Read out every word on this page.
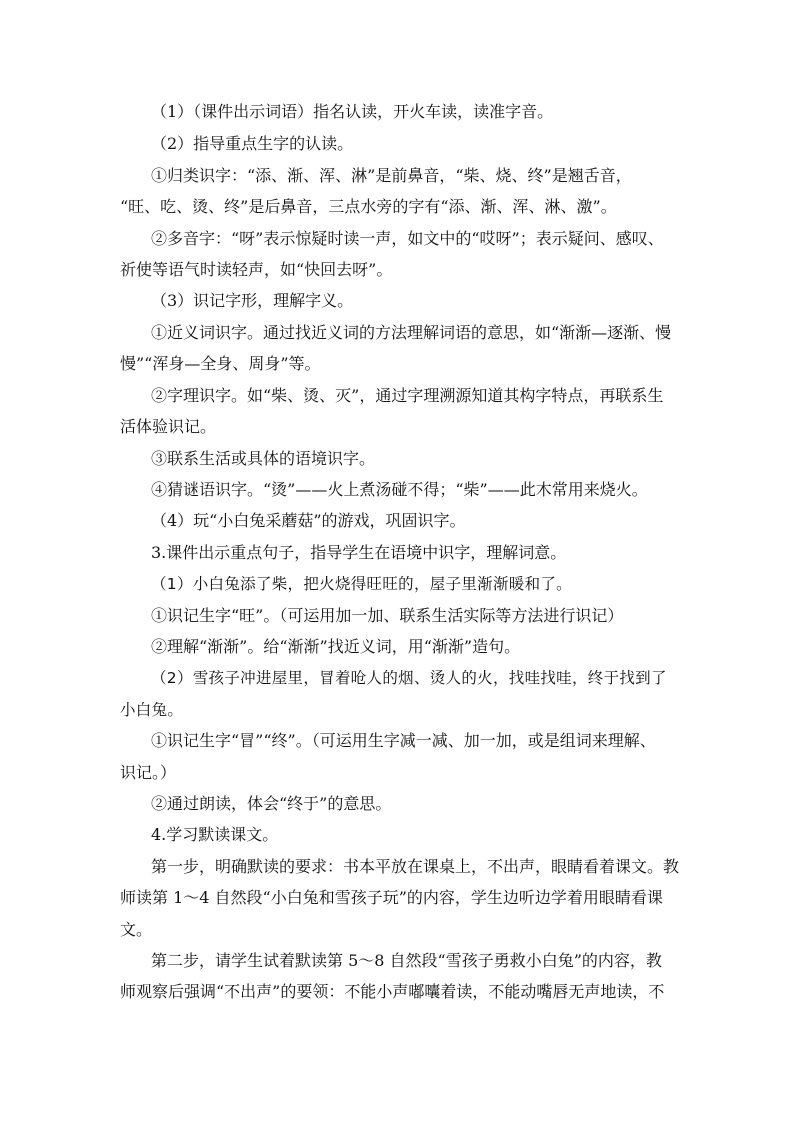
（1）（课件出示词语）指名认读，开火车读，读准字音。
（2）指导重点生字的认读。
①归类识字：“添、渐、浑、淋”是前鼻音，“柴、烧、终”是翘舌音，
“旺、吃、烫、终”是后鼻音，三点水旁的字有“添、渐、浑、淋、激”。
②多音字：“呀”表示惊疑时读一声，如文中的“哎呀”；表示疑问、感叹、
祈使等语气时读轻声，如“快回去呀”。
（3）识记字形，理解字义。
①近义词识字。通过找近义词的方法理解词语的意思，如“渐渐—逐渐、慢
慢”“浑身—全身、周身”等。
②字理识字。如“柴、烫、灭”，通过字理溯源知道其构字特点，再联系生
活体验识记。
③联系生活或具体的语境识字。
④猜谜语识字。“烫”——火上煮汤碰不得；“柴”——此木常用来烧火。
（4）玩“小白兔采蘑菇”的游戏，巩固识字。
3.课件出示重点句子，指导学生在语境中识字，理解词意。
（1）小白兔添了柴，把火烧得旺旺的，屋子里渐渐暖和了。
①识记生字“旺”。（可运用加一加、联系生活实际等方法进行识记）
②理解“渐渐”。给“渐渐”找近义词，用“渐渐”造句。
（2）雪孩子冲进屋里，冒着呛人的烟、烫人的火，找哇找哇，终于找到了
小白兔。
①识记生字“冒”“终”。（可运用生字减一减、加一加，或是组词来理解、
识记。）
②通过朗读，体会“终于”的意思。
4.学习默读课文。
第一步，明确默读的要求：书本平放在课桌上，不出声，眼睛看着课文。教
师读第 1～4 自然段“小白兔和雪孩子玩”的内容，学生边听边学着用眼睛看课
文。
第二步，请学生试着默读第 5～8 自然段“雪孩子勇救小白兔”的内容，教
师观察后强调“不出声”的要领：不能小声嘟囔着读，不能动嘴唇无声地读，不
